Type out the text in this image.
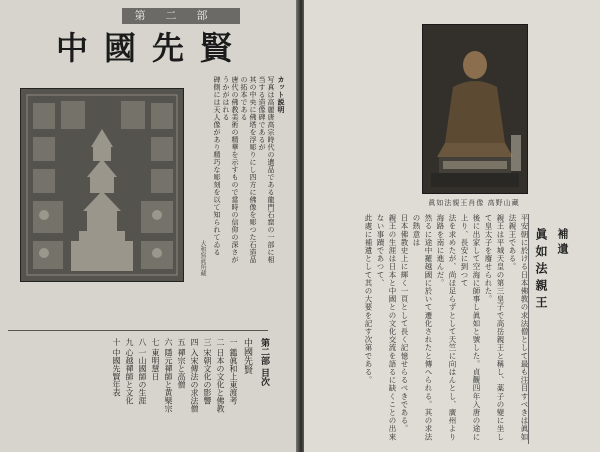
第二部
中國先賢
カット説明
写真は高麗唐高宗時代の遺品である龍門石窟の一部に相当する造像碑であるが
其の中央に佛塔を浮彫りにし四方に佛像を彫つた石造品の拓本である
唐代の佛教美術の精華を示すもので當時の信仰の深さがうかがはれる
碑側には天人像があり精巧な彫刻を以て知られてゐる
大和寫眞所藏
第二部 目次
中國先賢
一 鑑眞和上東渡考
二 日本の文化と佛教
三 宋朝文化の影響
四 入宋傳法の求法僧
五 禪宗と高僧
六 隱元禪師と黄檗宗
七 東明慧日
八 一山國師の生涯
九 心越禪師と文化
十 中國先賢年表
眞如法親王肖像 高野山藏
補遺
眞如法親王
平安朝に於ける日本佛教の求法僧として最も注目すべきは眞如法親王である。
親王は平城天皇の第三皇子で高岳親王と稱し、薬子の變に坐して皇太子を廢せられた。
後に出家して空海に師事し眞如と號した。貞觀四年入唐の途に上り、長安に到つて
法を求めたが、尚ほ足らずとして天竺に向はんとし、廣州より海路を南に進んだ。
然るに途中羅越國に於いて遷化されたと傳へられる。其の求法の熱意は
日本佛教史上に輝く一頁として長く記憶せらるべきである。
親王の生涯は日本と中國との文化交流を語るに缺くことの出來ない事蹟であつて、
此處に補遺として其の大要を記す次第である。
